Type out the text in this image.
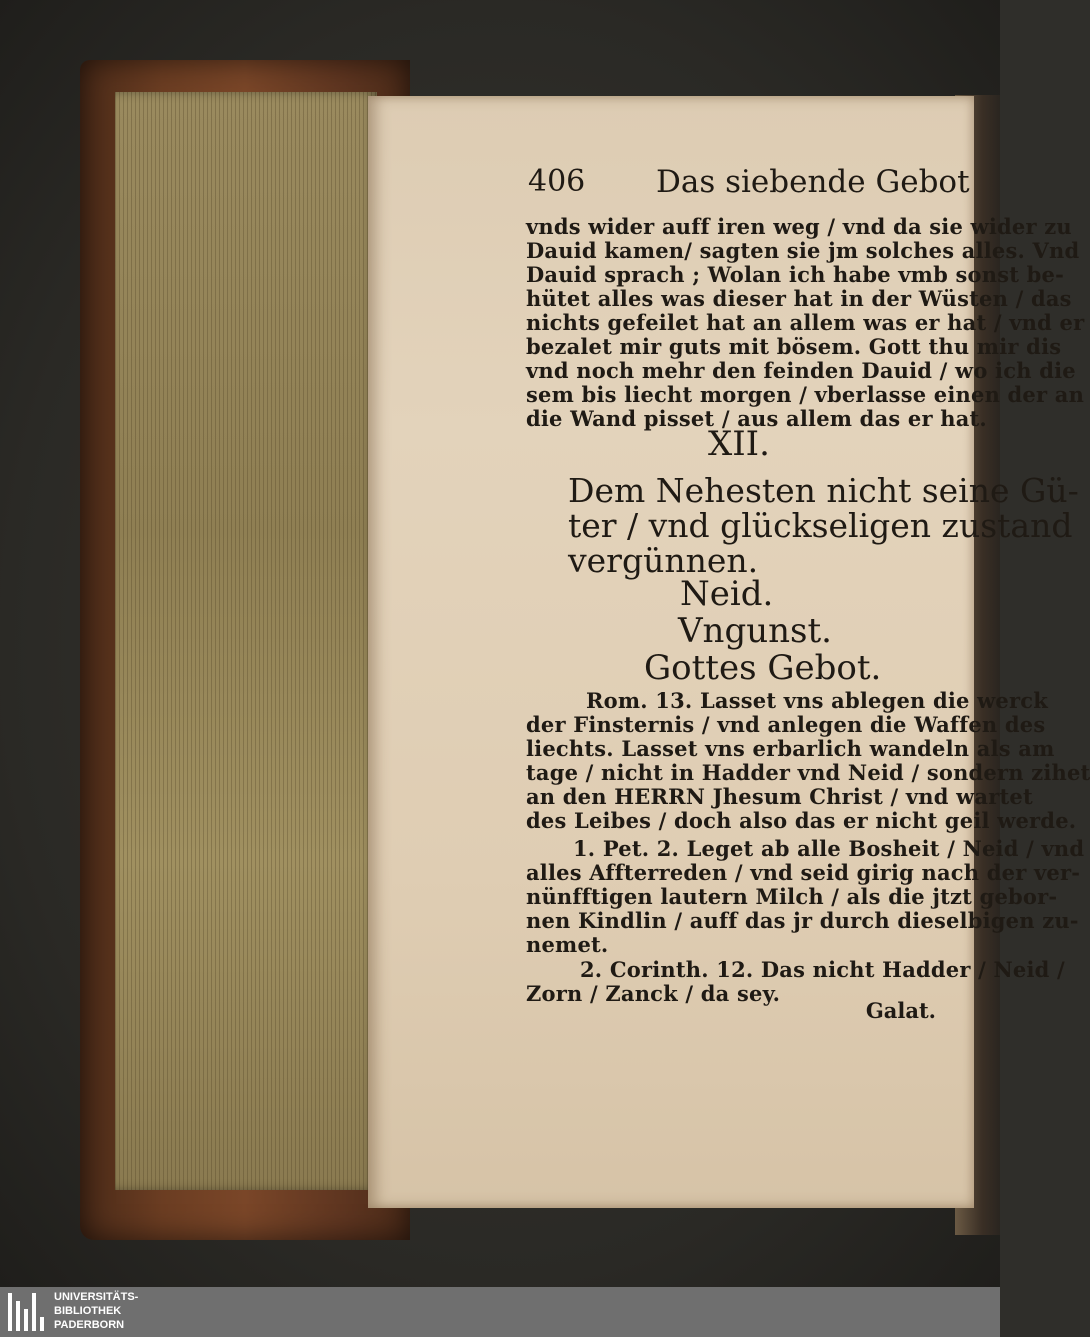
406 Das siebende Gebot

vnds wider auff iren weg / vnd da sie wider zu

Dauid kamen/ sagten sie jm solches alles. Vnd

Dauid sprach ; Wolan ich habe vmb sonst be-

hütet alles was dieser hat in der Wüsten / das

nichts gefeilet hat an allem was er hat / vnd er

bezalet mir guts mit bösem. Gott thu mir dis

vnd noch mehr den feinden Dauid / wo ich die

sem bis liecht morgen / vberlasse einen der an

die Wand pisset / aus allem das er hat.

XII.

Dem Nehesten nicht seine Gü-

ter / vnd glückseligen zustand

vergünnen.

Neid.

Vngunst.

Gottes Gebot.

Rom. 13. Lasset vns ablegen die werck

der Finsternis / vnd anlegen die Waffen des

liechts. Lasset vns erbarlich wandeln als am

tage / nicht in Hadder vnd Neid / sondern zihet

an den HERRN Jhesum Christ / vnd wartet

des Leibes / doch also das er nicht geil werde.

1. Pet. 2. Leget ab alle Bosheit / Neid / vnd

alles Affterreden / vnd seid girig nach der ver-

nünfftigen lautern Milch / als die jtzt gebor-

nen Kindlin / auff das jr durch dieselbigen zu-

nemet.

2. Corinth. 12. Das nicht Hadder / Neid /

Zorn / Zanck / da sey.

Galat.

UNIVERSITÄTS-
BIBLIOTHEK
PADERBORN
